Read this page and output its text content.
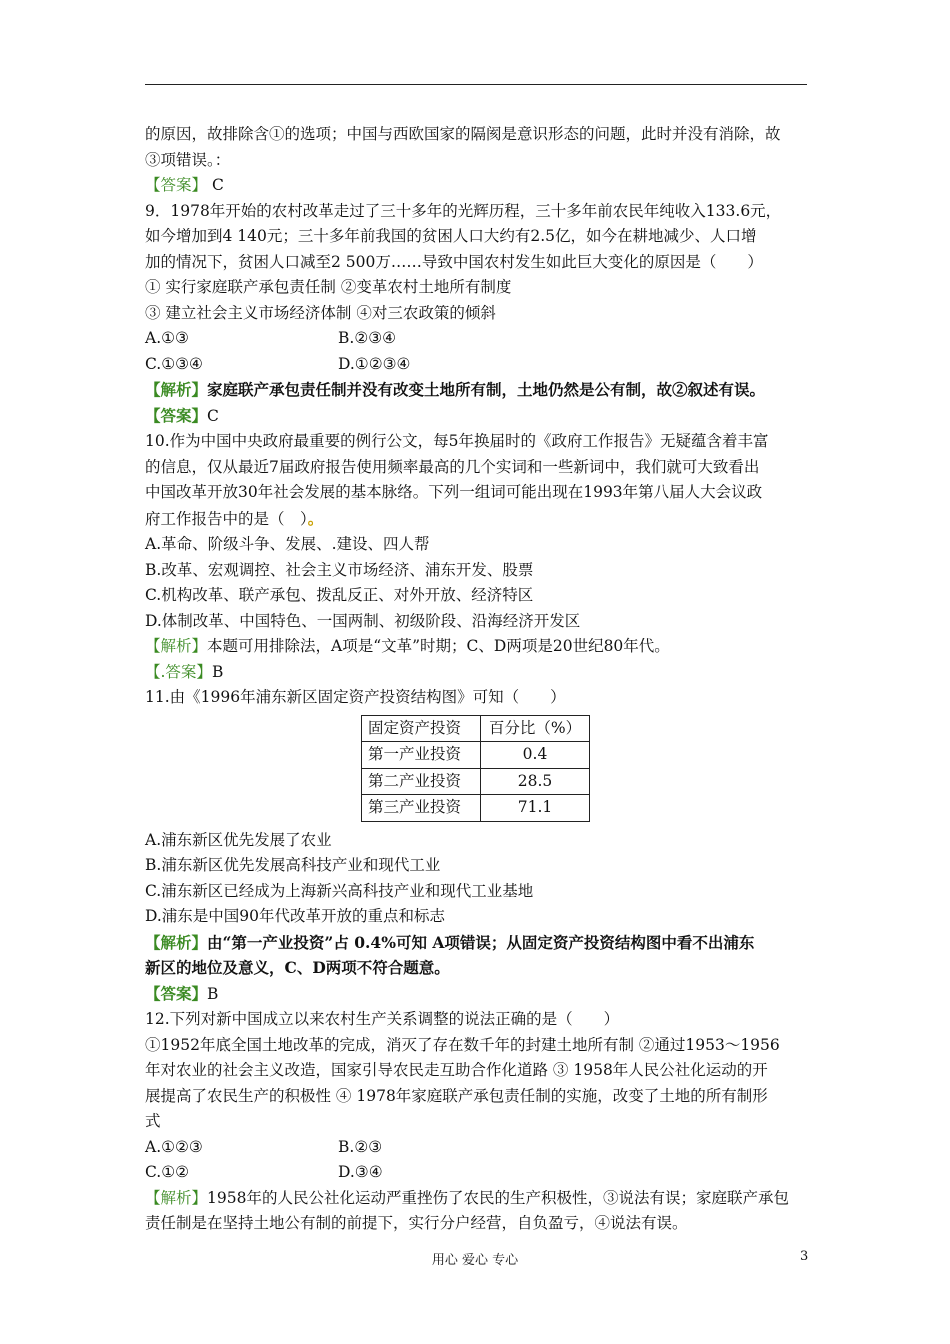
的原因，故排除含①的选项；中国与西欧国家的隔阂是意识形态的问题，此时并没有消除，故
③项错误。：
【答案】 C
9．1978年开始的农村改革走过了三十多年的光辉历程，三十多年前农民年纯收入133.6元，
如今增加到4 140元；三十多年前我国的贫困人口大约有2.5亿，如今在耕地减少、人口增
加的情况下，贫困人口减至2 500万……导致中国农村发生如此巨大变化的原因是（　　）
① 实行家庭联产承包责任制 ②变革农村土地所有制度
③ 建立社会主义市场经济体制 ④对三农政策的倾斜
A.①③	B.②③④
C.①③④	D.①②③④
【解析】家庭联产承包责任制并没有改变土地所有制，土地仍然是公有制，故②叙述有误。
【答案】C
10.作为中国中央政府最重要的例行公文，每5年换届时的《政府工作报告》无疑蕴含着丰富
的信息，仅从最近7届政府报告使用频率最高的几个实词和一些新词中，我们就可大致看出
中国改革开放30年社会发展的基本脉络。下列一组词可能出现在1993年第八届人大会议政
府工作报告中的是（　）。
A.革命、阶级斗争、发展、.建设、四人帮
B.改革、宏观调控、社会主义市场经济、浦东开发、股票
C.机构改革、联产承包、拨乱反正、对外开放、经济特区
D.体制改革、中国特色、一国两制、初级阶段、沿海经济开发区
【解析】本题可用排除法，A项是“文革”时期；C、D两项是20世纪80年代。
【.答案】B
11.由《1996年浦东新区固定资产投资结构图》可知（　　）
固定资产投资	百分比（%）
第一产业投资	0.4
第二产业投资	28.5
第三产业投资	71.1
A.浦东新区优先发展了农业
B.浦东新区优先发展高科技产业和现代工业
C.浦东新区已经成为上海新兴高科技产业和现代工业基地
D.浦东是中国90年代改革开放的重点和标志
【解析】由“第一产业投资”占 0.4%可知 A项错误；从固定资产投资结构图中看不出浦东
新区的地位及意义，C、D两项不符合题意。
【答案】B
12.下列对新中国成立以来农村生产关系调整的说法正确的是（　　）
①1952年底全国土地改革的完成，消灭了存在数千年的封建土地所有制 ②通过1953～1956
年对农业的社会主义改造，国家引导农民走互助合作化道路 ③ 1958年人民公社化运动的开
展提高了农民生产的积极性 ④ 1978年家庭联产承包责任制的实施，改变了土地的所有制形
式
A.①②③	B.②③
C.①②	D.③④
【解析】1958年的人民公社化运动严重挫伤了农民的生产积极性，③说法有误；家庭联产承包
责任制是在坚持土地公有制的前提下，实行分户经营，自负盈亏，④说法有误。
用心 爱心 专心	3
